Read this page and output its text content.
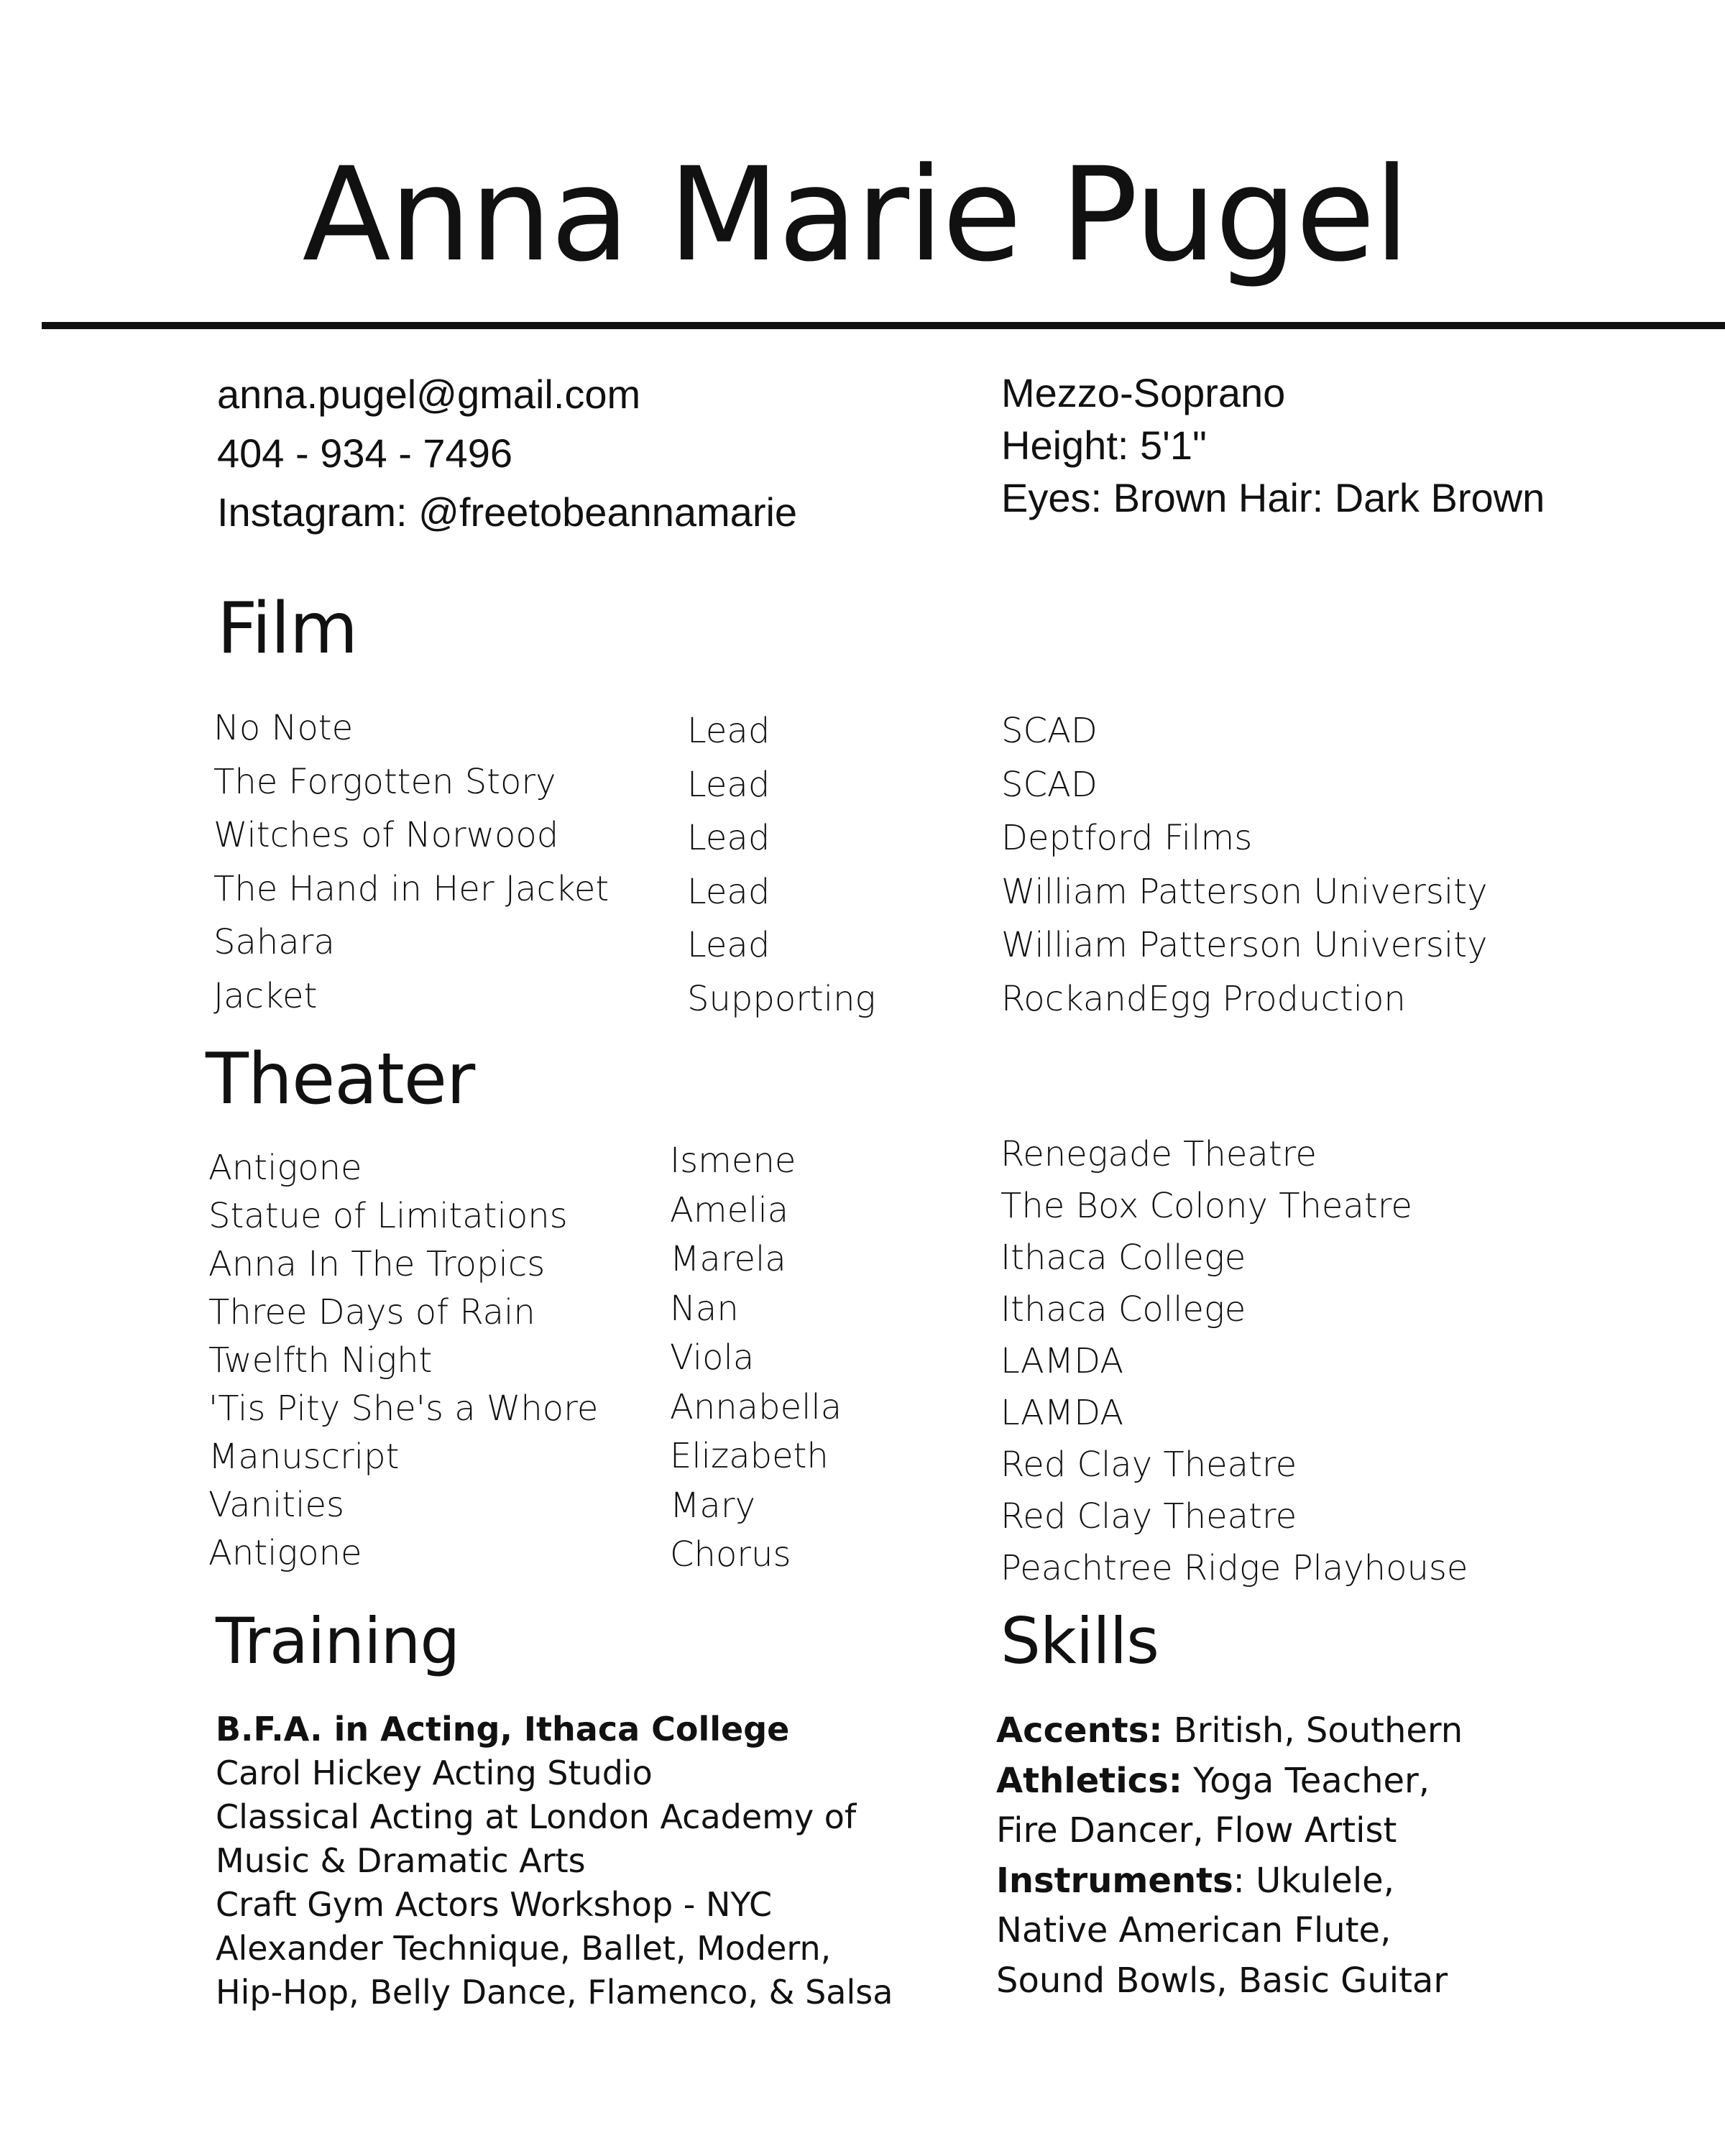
Anna Marie Pugel
anna.pugel@gmail.com
404 - 934 - 7496
Instagram: @freetobeannamarie
Mezzo-Soprano
Height: 5'1"
Eyes: Brown Hair: Dark Brown
Film
No Note
The Forgotten Story
Witches of Norwood
The Hand in Her Jacket
Sahara
Jacket
Lead
Lead
Lead
Lead
Lead
Supporting
SCAD
SCAD
Deptford Films
William Patterson University
William Patterson University
RockandEgg Production
Theater
Antigone
Statue of Limitations
Anna In The Tropics
Three Days of Rain
Twelfth Night
'Tis Pity She's a Whore
Manuscript
Vanities
Antigone
Ismene
Amelia
Marela
Nan
Viola
Annabella
Elizabeth
Mary
Chorus
Renegade Theatre
The Box Colony Theatre
Ithaca College
Ithaca College
LAMDA
LAMDA
Red Clay Theatre
Red Clay Theatre
Peachtree Ridge Playhouse
Training
B.F.A. in Acting, Ithaca College
Carol Hickey Acting Studio
Classical Acting at London Academy of
Music & Dramatic Arts
Craft Gym Actors Workshop - NYC
Alexander Technique, Ballet, Modern,
Hip-Hop, Belly Dance, Flamenco, & Salsa
Skills
Accents: British, Southern
Athletics: Yoga Teacher,
Fire Dancer, Flow Artist
Instruments: Ukulele,
Native American Flute,
Sound Bowls, Basic Guitar
